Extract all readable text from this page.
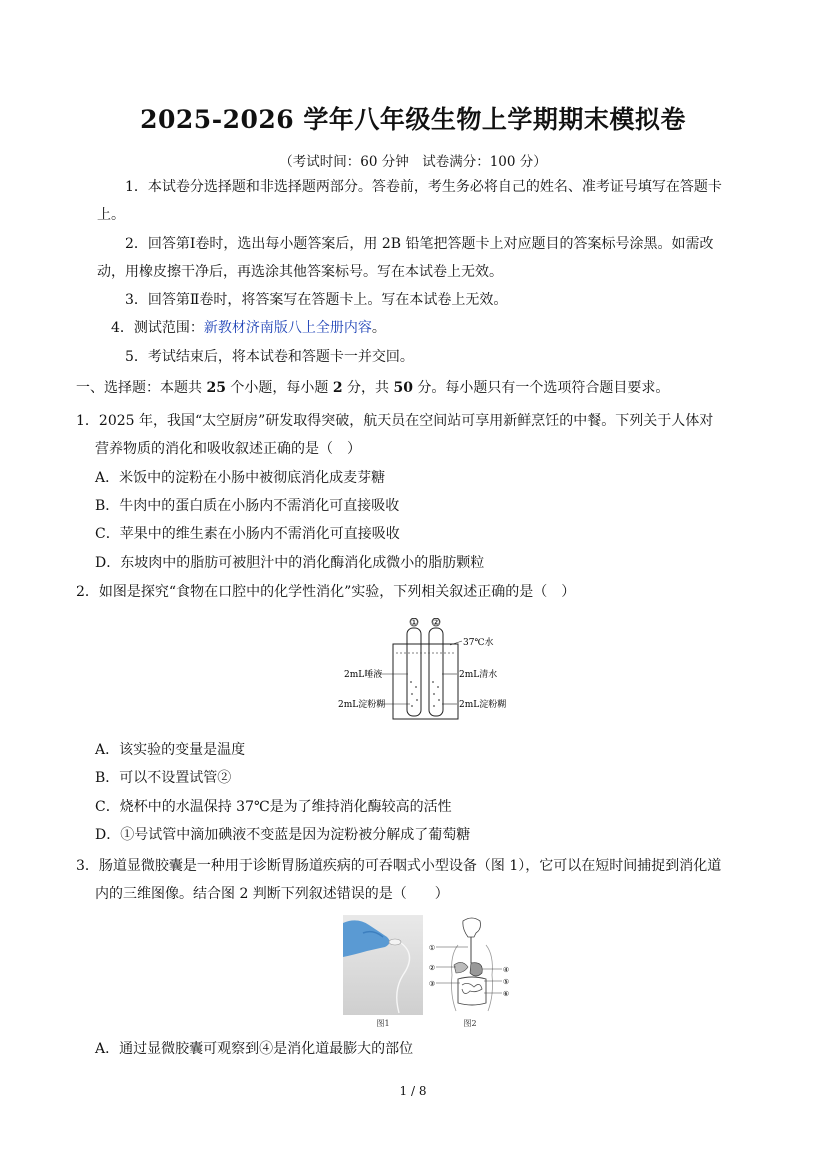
2025-2026 学年八年级生物上学期期末模拟卷
（考试时间：60 分钟　试卷满分：100 分）
1．本试卷分选择题和非选择题两部分。答卷前，考生务必将自己的姓名、准考证号填写在答题卡
上。
2．回答第Ⅰ卷时，选出每小题答案后，用 2B 铅笔把答题卡上对应题目的答案标号涂黑。如需改
动，用橡皮擦干净后，再选涂其他答案标号。写在本试卷上无效。
3．回答第Ⅱ卷时，将答案写在答题卡上。写在本试卷上无效。
4．测试范围：新教材济南版八上全册内容。
5．考试结束后，将本试卷和答题卡一并交回。
一、选择题：本题共 25 个小题，每小题 2 分，共 50 分。每小题只有一个选项符合题目要求。
1．2025 年，我国“太空厨房”研发取得突破，航天员在空间站可享用新鲜烹饪的中餐。下列关于人体对
营养物质的消化和吸收叙述正确的是（　）
A．米饭中的淀粉在小肠中被彻底消化成麦芽糖
B．牛肉中的蛋白质在小肠内不需消化可直接吸收
C．苹果中的维生素在小肠内不需消化可直接吸收
D．东坡肉中的脂肪可被胆汁中的消化酶消化成微小的脂肪颗粒
2．如图是探究“食物在口腔中的化学性消化”实验，下列相关叙述正确的是（　）
① ②
37℃水
2mL唾液
2mL淀粉糊
2mL清水
2mL淀粉糊
A．该实验的变量是温度
B．可以不设置试管②
C．烧杯中的水温保持 37℃是为了维持消化酶较高的活性
D．①号试管中滴加碘液不变蓝是因为淀粉被分解成了葡萄糖
3．肠道显微胶囊是一种用于诊断胃肠道疾病的可吞咽式小型设备（图 1），它可以在短时间捕捉到消化道
内的三维图像。结合图 2 判断下列叙述错误的是（　　）
图1
①
②
③
④
⑤
⑥
图2
A．通过显微胶囊可观察到④是消化道最膨大的部位
1 / 8
